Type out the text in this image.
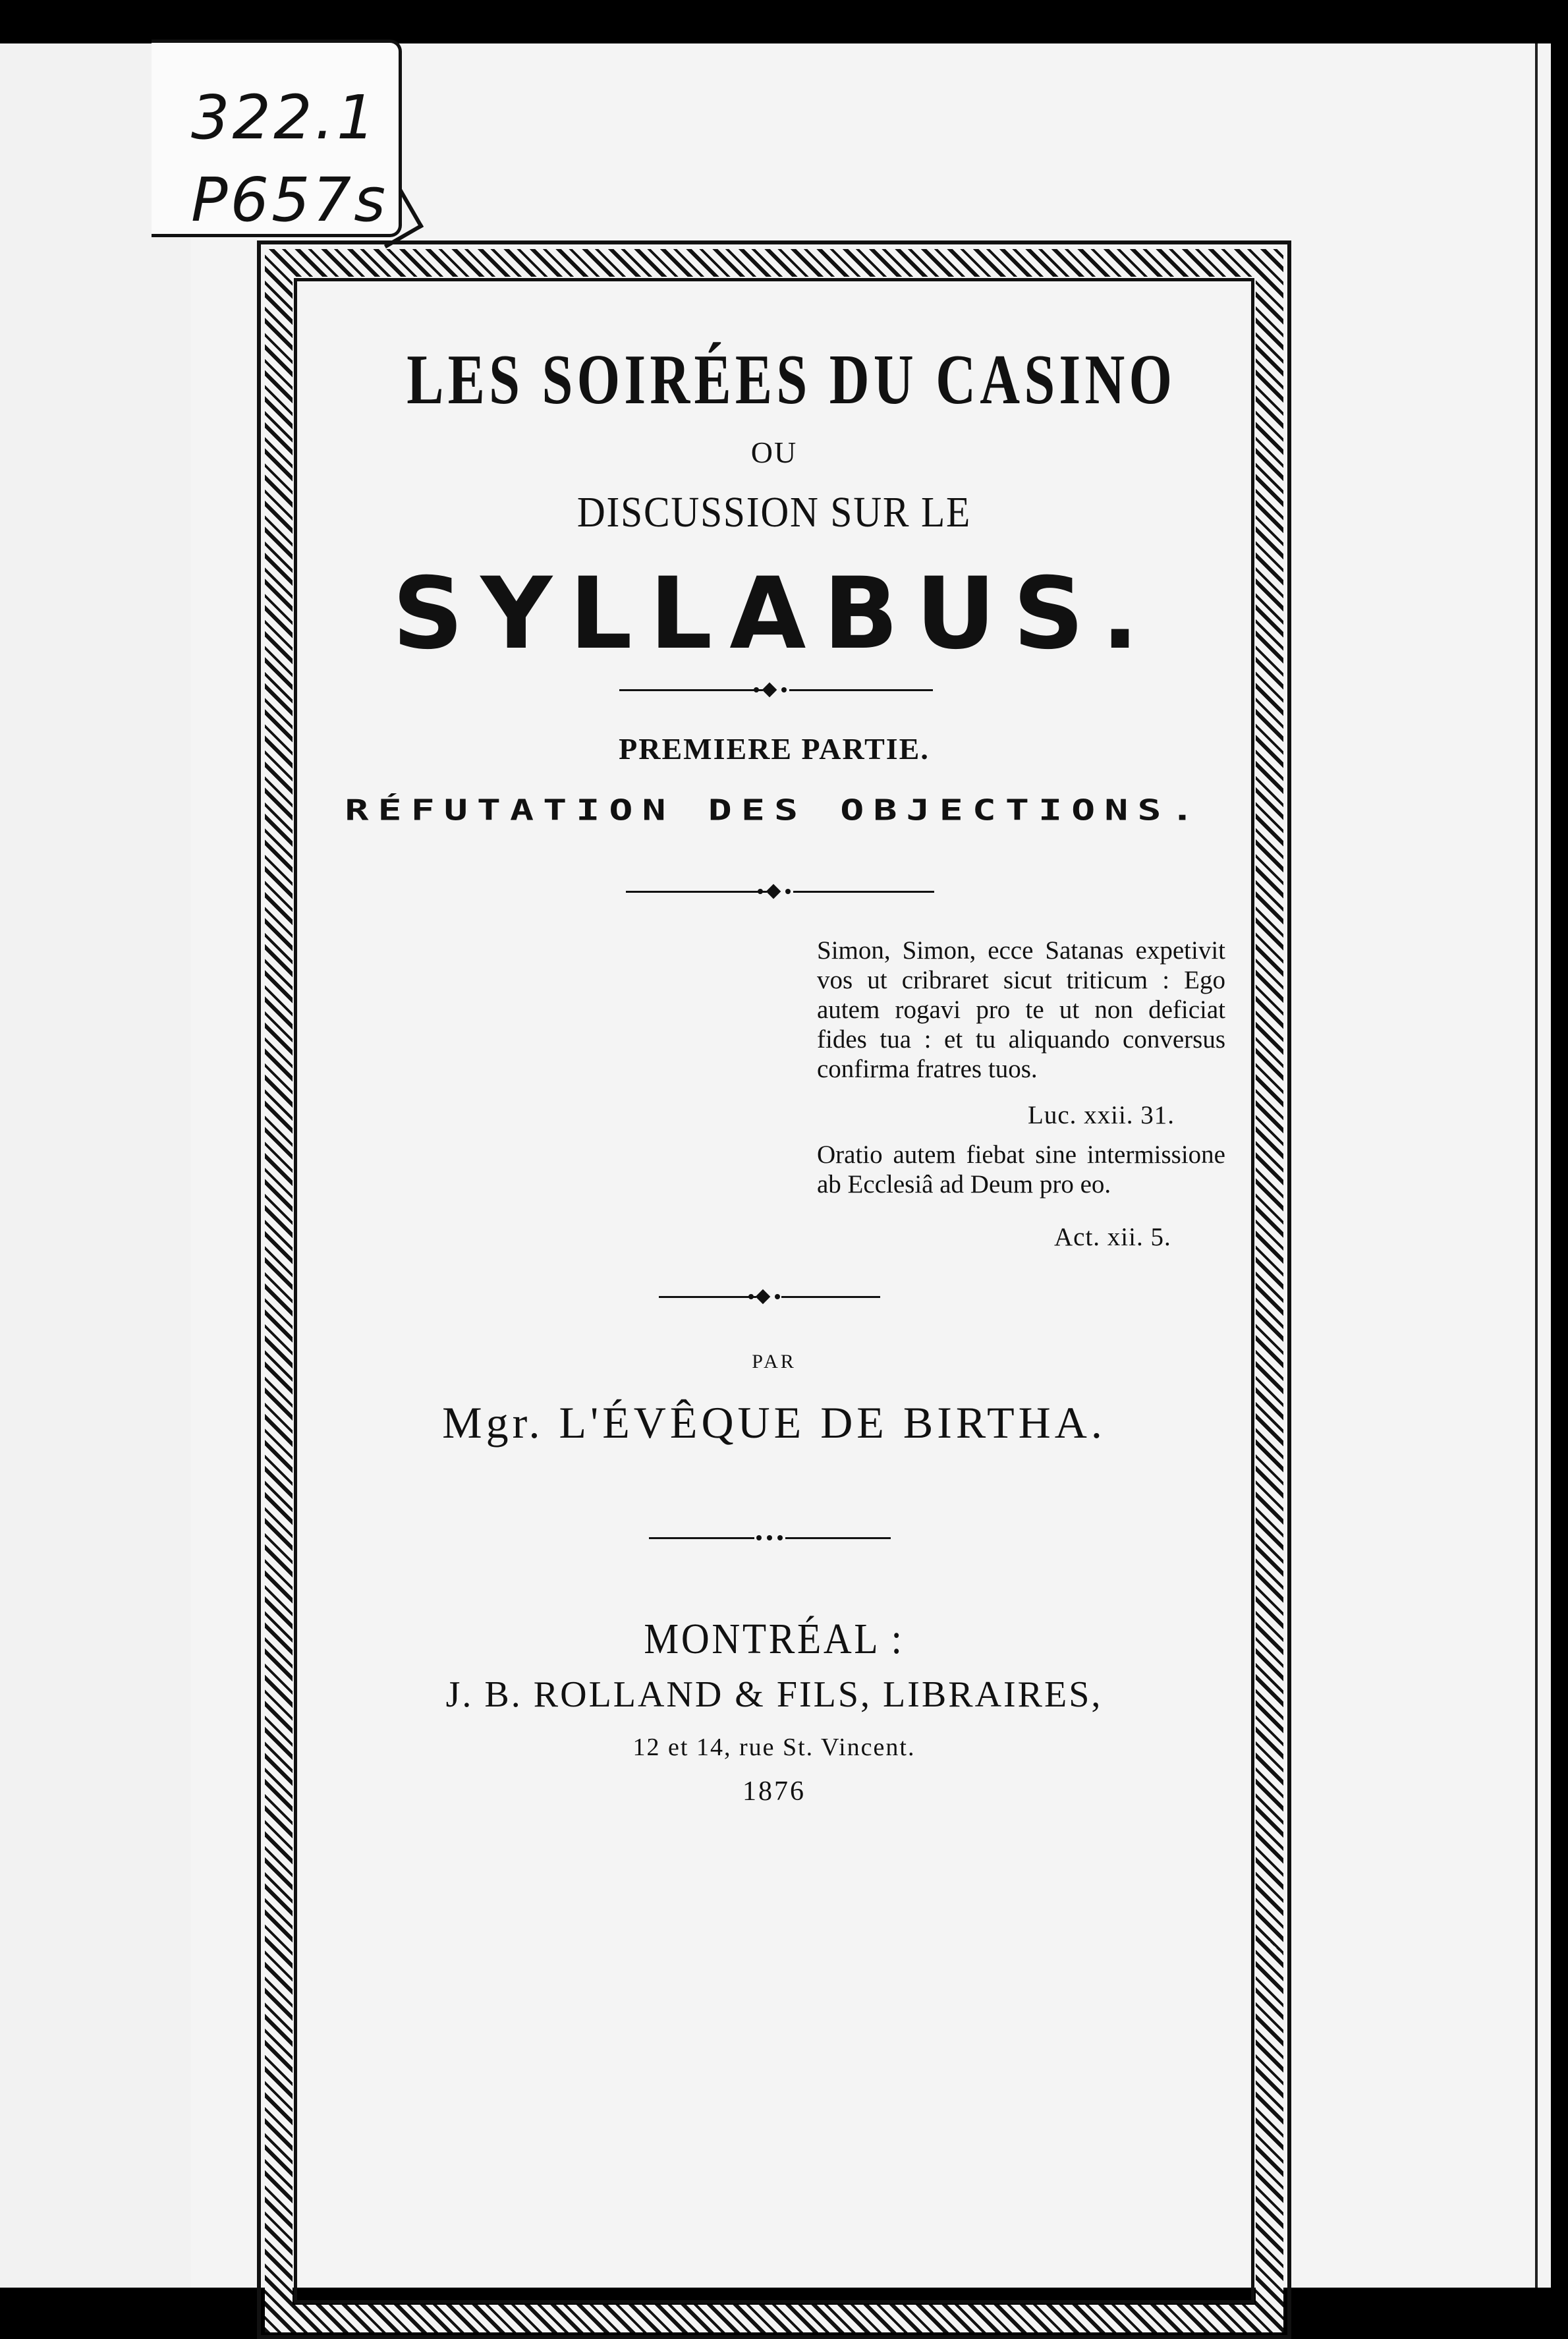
322.1
P657s
LES SOIRÉES DU CASINO
OU
DISCUSSION SUR LE
SYLLABUS.
PREMIERE PARTIE.
RÉFUTATION DES OBJECTIONS.
Simon, Simon, ecce Satanas expetivit vos ut cribraret sicut triticum : Ego autem rogavi pro te ut non deficiat fides tua : et tu aliquando conversus confirma fratres tuos.
Luc. xxii. 31.
Oratio autem fiebat sine intermissione ab Ecclesiâ ad Deum pro eo.
Act. xii. 5.
PAR
Mgr. L'ÉVÊQUE DE BIRTHA.
MONTRÉAL :
J. B. ROLLAND & FILS, LIBRAIRES,
12 et 14, rue St. Vincent.
1876
